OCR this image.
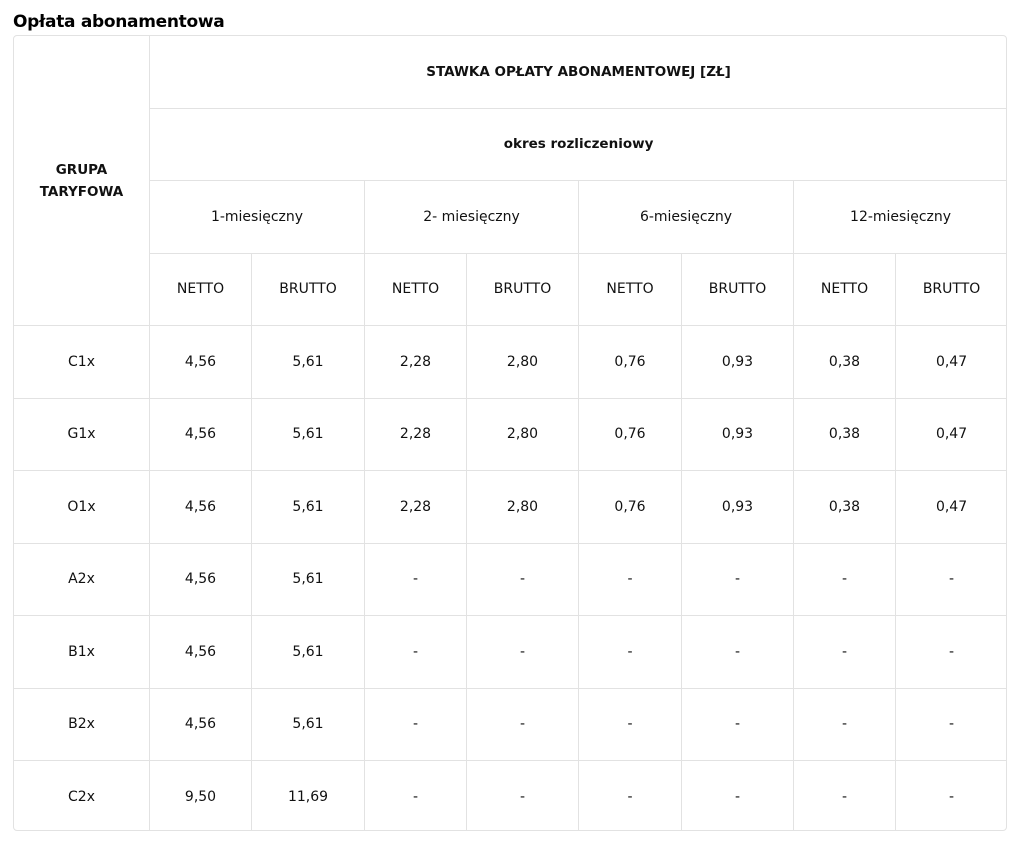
Opłata abonamentowa
GRUPA TARYFOWA	STAWKA OPŁATY ABONAMENTOWEJ [ZŁ]							
	okres rozliczeniowy							
	1-miesięczny		2- miesięczny		6-miesięczny		12-miesięczny	
	NETTO	BRUTTO	NETTO	BRUTTO	NETTO	BRUTTO	NETTO	BRUTTO
C1x	4,56	5,61	2,28	2,80	0,76	0,93	0,38	0,47
G1x	4,56	5,61	2,28	2,80	0,76	0,93	0,38	0,47
O1x	4,56	5,61	2,28	2,80	0,76	0,93	0,38	0,47
A2x	4,56	5,61	-	-	-	-	-	-
B1x	4,56	5,61	-	-	-	-	-	-
B2x	4,56	5,61	-	-	-	-	-	-
C2x	9,50	11,69	-	-	-	-	-	-
